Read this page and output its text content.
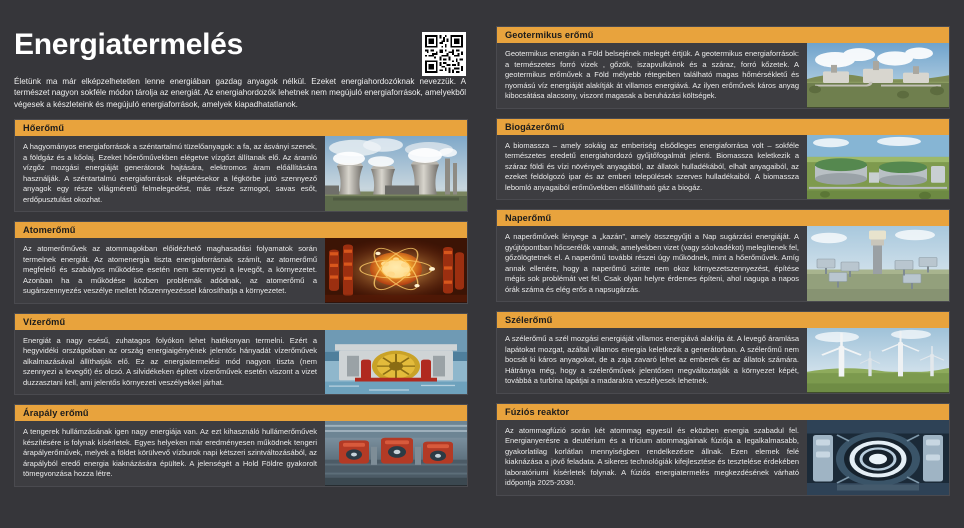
Energiatermelés

Életünk ma már elképzelhetetlen lenne energiában gazdag anyagok nélkül. Ezeket energiahordozóknak nevezzük. A természet nagyon sokféle módon tárolja az energiát. Az energiahordozók lehetnek nem megújuló energiaforrások, amelyekből végesek a készleteink és megújuló energiaforrások, amelyek kiapadhatatlanok.

Hőerőmű
A hagyományos energiaforrások a széntartalmú tüzelőanyagok: a fa, az ásványi szenek, a földgáz és a kőolaj. Ezeket hőerőművekben elégetve vízgőzt állítanak elő. Az áramló vízgőz mozgási energiáját generátorok hajtására, elektromos áram előállítására használják. A széntartalmú energiaforrások elégetésekor a légkörbe jutó szennyező anyagok egy része világméretű felmelegedést, más része szmogot, savas esőt, erdőpusztulást okozhat.
Atomerőmű
Az atomerőművek az atommagokban előidézhető maghasadási folyamatok során termelnek energiát. Az atomenergia tiszta energiaforrásnak számít, az atomerőmű megfelelő és szabályos működése esetén nem szennyezi a levegőt, a környezetet. Azonban ha a működése közben problémák adódnak, az atomerőmű a sugárszennyezés veszélye mellett hőszennyezéssel károsíthatja a környezetet.
Vízerőmű
Energiát a nagy esésű, zuhatagos folyókon lehet hatékonyan termelni. Ezért a hegyvidéki országokban az ország energiaigényének jelentős hányadát vízerőművek alkalmazásával állíthatják elő. Ez az energiatermelési mód nagyon tiszta (nem szennyezi a levegőt) és olcsó. A silvidékeken épített vízerőművek esetén viszont a vizet duzzasztani kell, ami jelentős környezeti veszélyekkel járhat.
Árapály erőmű
A tengerek hullámzásának igen nagy energiája van. Az ezt kihasználó hullámerőművek készítésére is folynak kísérletek. Egyes helyeken már eredményesen működnek tengeri árapályerőművek, melyek a földet körülvevő vízburok napi kétszeri szintváltozásából, az árapályból eredő energia kiaknázására épültek. A jelenségét a Hold Földre gyakorolt tömegvonzása hozza létre.
Geotermikus erőmű
Geotermikus energián a Föld belsejének melegét értjük. A geotermikus energiaforrások: a természetes forró vizek , gőzök, iszapvulkánok és a száraz, forró kőzetek. A geotermikus erőművek a Föld mélyebb rétegeiben található magas hőmérsékletű és nyomású víz energiáját alakítják át villamos energiává. Az ilyen erőművek káros anyag kibocsátása alacsony, viszont magasak a beruházási költségek.
Biogázerőmű
A biomassza – amely sokáig az emberiség elsődleges energiaforrása volt – sokféle természetes eredetű energiahordozó gyűjtőfogalmát jelenti. Biomassza keletkezik a száraz földi és vízi növények anyagából, az állatok hulladékából, elhalt anyagaiból, az ezeket feldolgozó ipar és az emberi települések szerves hulladékaiból. A biomassza lebomló anyagaiból erőművekben előállítható gáz a biogáz.
Naperőmű
A naperőművek lényege a „kazán”, amely összegyűjti a Nap sugárzási energiáját. A gyújtópontban hőcserélők vannak, amelyekben vizet (vagy sóolvadékot) melegítenek fel, gőzölögtetnek el. A naperőmű további részei úgy működnek, mint a hőerőművek. Amíg annak ellenére, hogy a naperőmű szinte nem okoz környezetszennyezést, építése mégis sok problémát vet fel. Csak olyan helyre érdemes építeni, ahol naguga a napos órák száma és elég erős a napsugárzás.
Szélerőmű
A szélerőmű a szél mozgási energiáját villamos energiává alakítja át. A levegő áramlása lapátokat mozgat, azáltal villamos energia keletkezik a generátorban. A szélerőmű nem bocsát ki káros anyagokat, de a zaja zavaró lehet az emberek és az állatok számára. Hátránya még, hogy a szélerőművek jelentősen megváltoztatják a környezet képét, továbbá a turbina lapátjai a madarakra veszélyesek lehetnek.
Fúziós reaktor
Az atommagfúzió során két atommag egyesül és eközben energia szabadul fel. Energianyerésre a deutérium és a trícium atommagjainak fúziója a legalkalmasabb, gyakorlatilag korlátlan mennyiségben rendelkezésre állnak. Ezen elemek felé kiaknázása a jövő feladata. A sikeres technológiák kifejlesztése és tesztelése érdekében laboratóriumi kísérletek folynak. A fúziós energiatermelés megkezdésének várható időpontja 2025-2030.
